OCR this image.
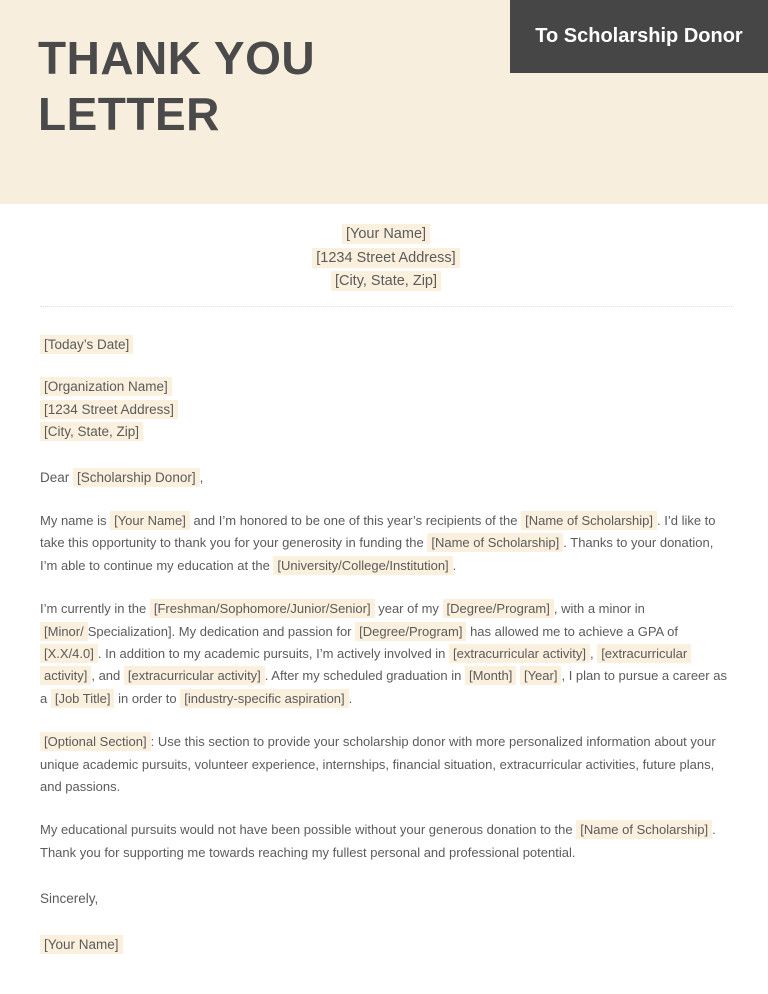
To Scholarship Donor
THANK YOU
LETTER
[Your Name]
[1234 Street Address]
[City, State, Zip]

[Today’s Date]

[Organization Name]
[1234 Street Address]
[City, State, Zip]

Dear [Scholarship Donor] ,

My name is [Your Name] and I’m honored to be one of this year’s recipients of the [Name of Scholarship] . I’d like to take this opportunity to thank you for your generosity in funding the [Name of Scholarship] . Thanks to your donation, I’m able to continue my education at the [University/College/Institution] .

I’m currently in the [Freshman/Sophomore/Junior/Senior] year of my [Degree/Program] , with a minor in [Minor/ Specialization]. My dedication and passion for [Degree/Program] has allowed me to achieve a GPA of [X.X/4.0] . In addition to my academic pursuits, I’m actively involved in [extracurricular activity] , [extracurricular activity] , and [extracurricular activity] . After my scheduled graduation in [Month] [Year] , I plan to pursue a career as a [Job Title] in order to [industry-specific aspiration] .

[Optional Section] : Use this section to provide your scholarship donor with more personalized information about your unique academic pursuits, volunteer experience, internships, financial situation, extracurricular activities, future plans, and passions.

My educational pursuits would not have been possible without your generous donation to the [Name of Scholarship] . Thank you for supporting me towards reaching my fullest personal and professional potential.

Sincerely,

[Your Name]
